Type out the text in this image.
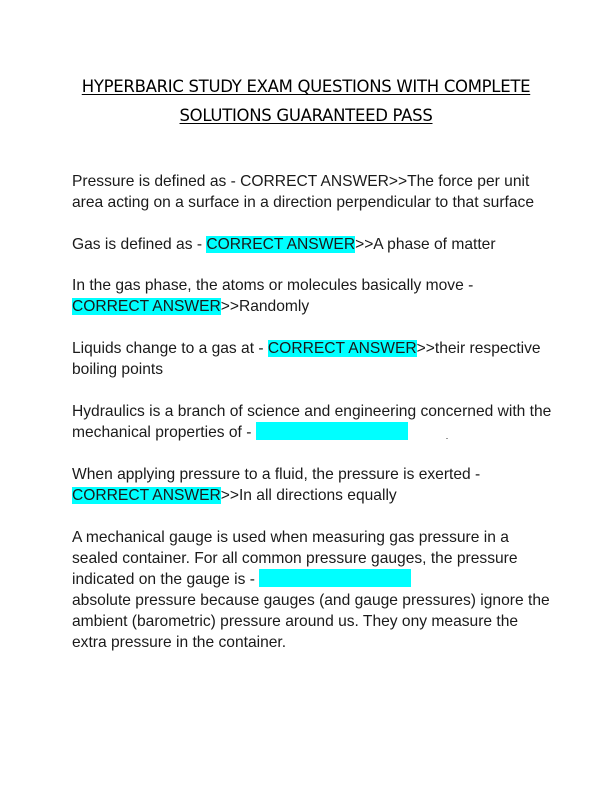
HYPERBARIC STUDY EXAM QUESTIONS WITH COMPLETE
SOLUTIONS GUARANTEED PASS
Pressure is defined as - CORRECT ANSWER>>The force per unit area acting on a surface in a direction perpendicular to that surface
Gas is defined as - CORRECT ANSWER>>A phase of matter
In the gas phase, the atoms or molecules basically move - CORRECT ANSWER>>Randomly
Liquids change to a gas at - CORRECT ANSWER>>their respective boiling points
Hydraulics is a branch of science and engineering concerned with the mechanical properties of -
When applying pressure to a fluid, the pressure is exerted - CORRECT ANSWER>>In all directions equally
A mechanical gauge is used when measuring gas pressure in a sealed container. For all common pressure gauges, the pressure indicated on the gauge is -
absolute pressure because gauges (and gauge pressures) ignore the ambient (barometric) pressure around us. They ony measure the extra pressure in the container.
